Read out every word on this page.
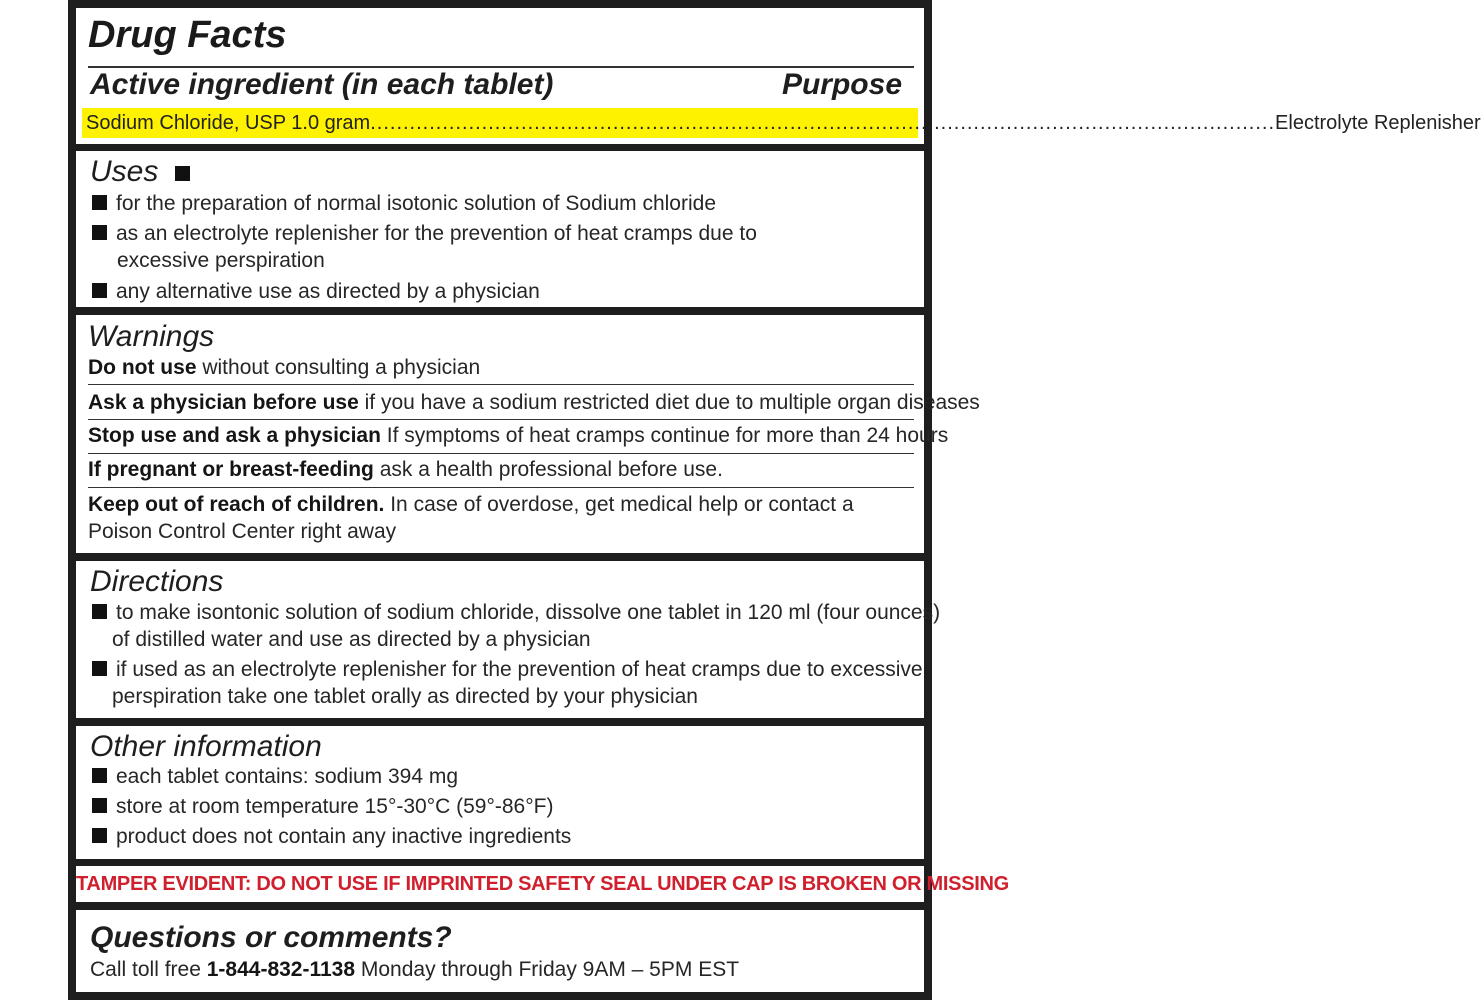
Drug Facts
Active ingredient (in each tablet)	Purpose
Sodium Chloride, USP 1.0 gram .......................................................................................................................................... Electrolyte Replenisher
Uses
for the preparation of normal isotonic solution of Sodium chloride
as an electrolyte replenisher for the prevention of heat cramps due to
excessive perspiration
any alternative use as directed by a physician
Warnings
Do not use without consulting a physician
Ask a physician before use if you have a sodium restricted diet due to multiple organ diseases
Stop use and ask a physician If symptoms of heat cramps continue for more than 24 hours
If pregnant or breast-feeding ask a health professional before use.
Keep out of reach of children. In case of overdose, get medical help or contact a
Poison Control Center right away
Directions
to make isontonic solution of sodium chloride, dissolve one tablet in 120 ml (four ounces)
of distilled water and use as directed by a physician
if used as an electrolyte replenisher for the prevention of heat cramps due to excessive
perspiration take one tablet orally as directed by your physician
Other information
each tablet contains: sodium 394 mg
store at room temperature 15°-30°C (59°-86°F)
product does not contain any inactive ingredients
TAMPER EVIDENT: DO NOT USE IF IMPRINTED SAFETY SEAL UNDER CAP IS BROKEN OR MISSING
Questions or comments?
Call toll free 1-844-832-1138 Monday through Friday 9AM – 5PM EST
